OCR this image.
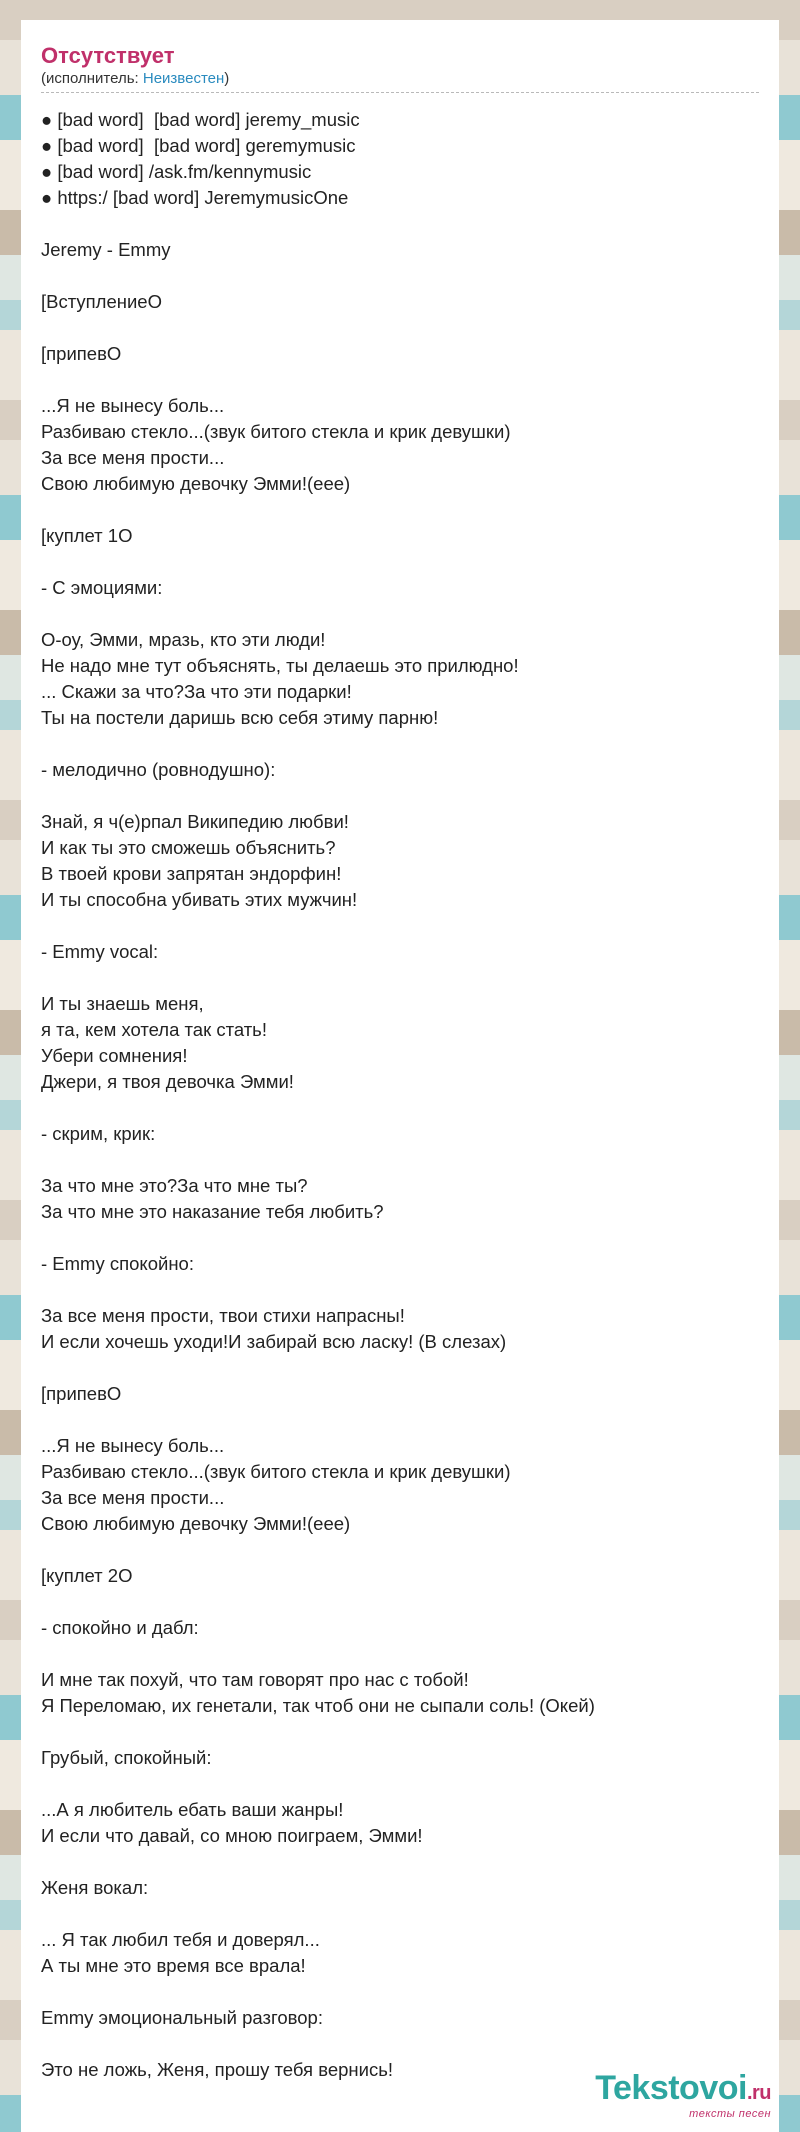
Отсутствует
(исполнитель: Неизвестен)
● [bad word]  [bad word] jeremy_music
● [bad word]  [bad word] geremymusic
● [bad word] /ask.fm/kennymusic
● https:/ [bad word] JeremymusicOne
Jeremy - Emmy
[ВступлениеО
[припевО
...Я не вынесу боль...
Разбиваю стекло...(звук битого стекла и крик девушки)
За все меня прости...
Свою любимую девочку Эмми!(еее)
[куплет 1О
- С эмоциями:
О-оу, Эмми, мразь, кто эти люди!
Не надо мне тут объяснять, ты делаешь это прилюдно!
... Скажи за что?За что эти подарки!
Ты на постели даришь всю себя этиму парню!
- мелодично (ровнодушно):
Знай, я ч(е)рпал Википедию любви!
И как ты это сможешь объяснить?
В твоей крови запрятан эндорфин!
И ты способна убивать этих мужчин!
- Emmy vocal:
И ты знаешь меня,
я та, кем хотела так стать!
Убери сомнения!
Джери, я твоя девочка Эмми!
- скрим, крик:
За что мне это?За что мне ты?
За что мне это наказание тебя любить?
- Emmy спокойно:
За все меня прости, твои стихи напрасны!
И если хочешь уходи!И забирай всю ласку! (В слезах)
[припевО
...Я не вынесу боль...
Разбиваю стекло...(звук битого стекла и крик девушки)
За все меня прости...
Свою любимую девочку Эмми!(еее)
[куплет 2О
- спокойно и дабл:
И мне так похуй, что там говорят про нас с тобой!
Я Переломаю, их генетали, так чтоб они не сыпали соль! (Окей)
Грубый, спокойный:
...А я любитель ебать ваши жанры!
И если что давай, со мною поиграем, Эмми!
Женя вокал:
... Я так любил тебя и доверял...
А ты мне это время все врала!
Emmy эмоциональный разговор:
Это не ложь, Женя, прошу тебя вернись!	Tekstovoi.ru
тексты песен
